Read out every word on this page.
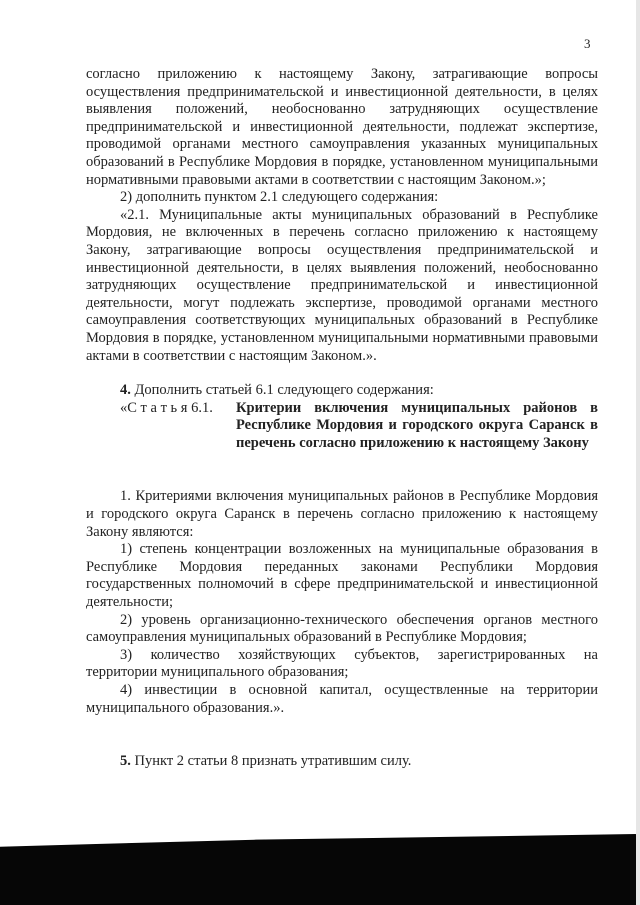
3

согласно приложению к настоящему Закону, затрагивающие вопросы осуществления предпринимательской и инвестиционной деятельности, в целях выявления положений, необоснованно затрудняющих осуществление предпринимательской и инвестиционной деятельности, подлежат экспертизе, проводимой органами местного самоуправления указанных муниципальных образований в Республике Мордовия в порядке, установленном муниципальными нормативными правовыми актами в соответствии с настоящим Законом.»;

2) дополнить пунктом 2.1 следующего содержания:

«2.1. Муниципальные акты муниципальных образований в Республике Мордовия, не включенных в перечень согласно приложению к настоящему Закону, затрагивающие вопросы осуществления предпринимательской и инвестиционной деятельности, в целях выявления положений, необоснованно затрудняющих осуществление предпринимательской и инвестиционной деятельности, могут подлежать экспертизе, проводимой органами местного самоуправления соответствующих муниципальных образований в Республике Мордовия в порядке, установленном муниципальными нормативными правовыми актами в соответствии с настоящим Законом.».

4. Дополнить статьей 6.1 следующего содержания:

«С т а т ь я 6.1.	Критерии включения муниципальных районов в Республике Мордовия и городского округа Саранск в перечень согласно приложению к настоящему Закону

1. Критериями включения муниципальных районов в Республике Мордовия и городского округа Саранск в перечень согласно приложению к настоящему Закону являются:

1) степень концентрации возложенных на муниципальные образования в Республике Мордовия переданных законами Республики Мордовия государственных полномочий в сфере предпринимательской и инвестиционной деятельности;

2) уровень организационно-технического обеспечения органов местного самоуправления муниципальных образований в Республике Мордовия;

3) количество хозяйствующих субъектов, зарегистрированных на территории муниципального образования;

4) инвестиции в основной капитал, осуществленные на территории муниципального образования.».

5. Пункт 2 статьи 8 признать утратившим силу.
